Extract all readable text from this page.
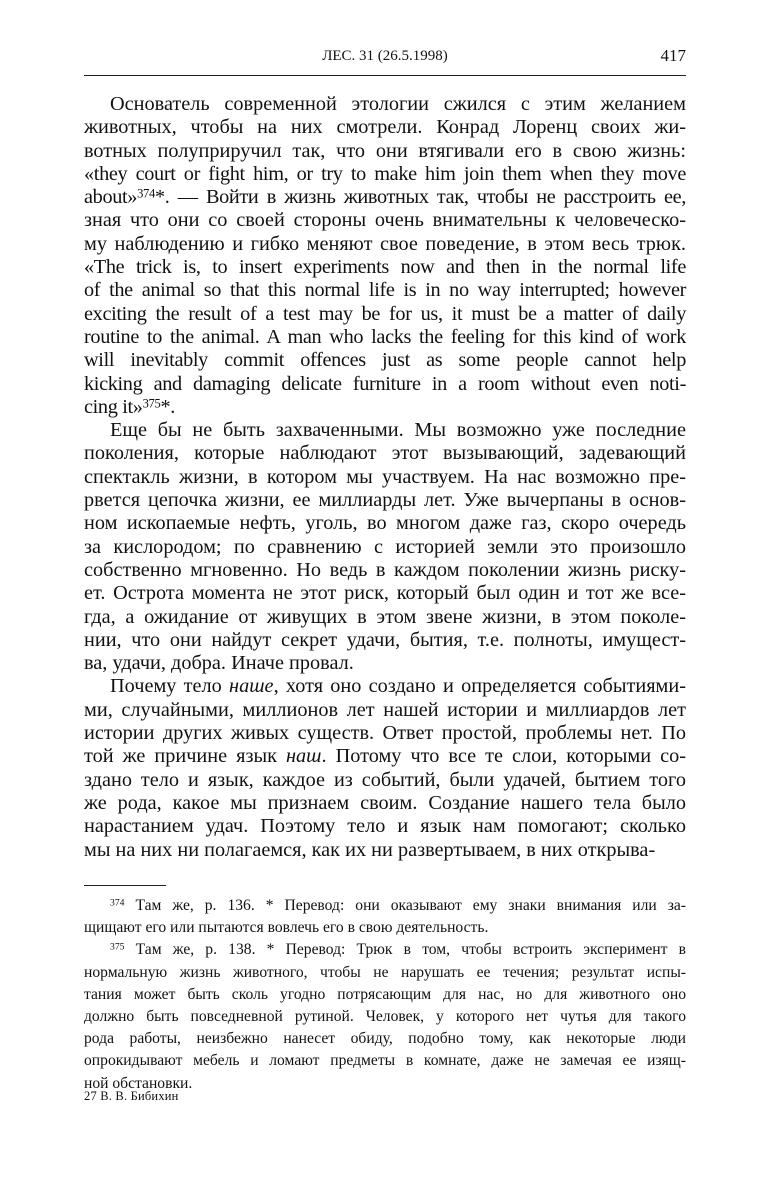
ЛЕС. 31 (26.5.1998)	417
Основатель современной этологии сжился с этим желанием
животных, чтобы на них смотрели. Конрад Лоренц своих жи-
вотных полуприручил так, что они втягивали его в свою жизнь:
«they court or fight him, or try to make him join them when they move
about»$^{374}$*. — Войти в жизнь животных так, чтобы не расстроить ее,
зная что они со своей стороны очень внимательны к человеческо-
му наблюдению и гибко меняют свое поведение, в этом весь трюк.
«The trick is, to insert experiments now and then in the normal life
of the animal so that this normal life is in no way interrupted; however
exciting the result of a test may be for us, it must be a matter of daily
routine to the animal. A man who lacks the feeling for this kind of work
will inevitably commit offences just as some people cannot help
kicking and damaging delicate furniture in a room without even noti-
cing it»$^{375}$*.
Еще бы не быть захваченными. Мы возможно уже последние
поколения, которые наблюдают этот вызывающий, задевающий
спектакль жизни, в котором мы участвуем. На нас возможно пре-
рвется цепочка жизни, ее миллиарды лет. Уже вычерпаны в основ-
ном ископаемые нефть, уголь, во многом даже газ, скоро очередь
за кислородом; по сравнению с историей земли это произошло
собственно мгновенно. Но ведь в каждом поколении жизнь риску-
ет. Острота момента не этот риск, который был один и тот же все-
гда, а ожидание от живущих в этом звене жизни, в этом поколе-
нии, что они найдут секрет удачи, бытия, т.е. полноты, имущест-
ва, удачи, добра. Иначе провал.
Почему тело наше, хотя оно создано и определяется событиями-
ми, случайными, миллионов лет нашей истории и миллиардов лет
истории других живых существ. Ответ простой, проблемы нет. По
той же причине язык наш. Потому что все те слои, которыми со-
здано тело и язык, каждое из событий, были удачей, бытием того
же рода, какое мы признаем своим. Создание нашего тела было
нарастанием удач. Поэтому тело и язык нам помогают; сколько
мы на них ни полагаемся, как их ни развертываем, в них открыва-
$^{374}$ Там же, p. 136. * Перевод: они оказывают ему знаки внимания или за-
щищают его или пытаются вовлечь его в свою деятельность.
$^{375}$ Там же, p. 138. * Перевод: Трюк в том, чтобы встроить эксперимент в
нормальную жизнь животного, чтобы не нарушать ее течения; результат испы-
тания может быть сколь угодно потрясающим для нас, но для животного оно
должно быть повседневной рутиной. Человек, у которого нет чутья для такого
рода работы, неизбежно нанесет обиду, подобно тому, как некоторые люди
опрокидывают мебель и ломают предметы в комнате, даже не замечая ее изящ-
ной обстановки.
27 В. В. Бибихин
